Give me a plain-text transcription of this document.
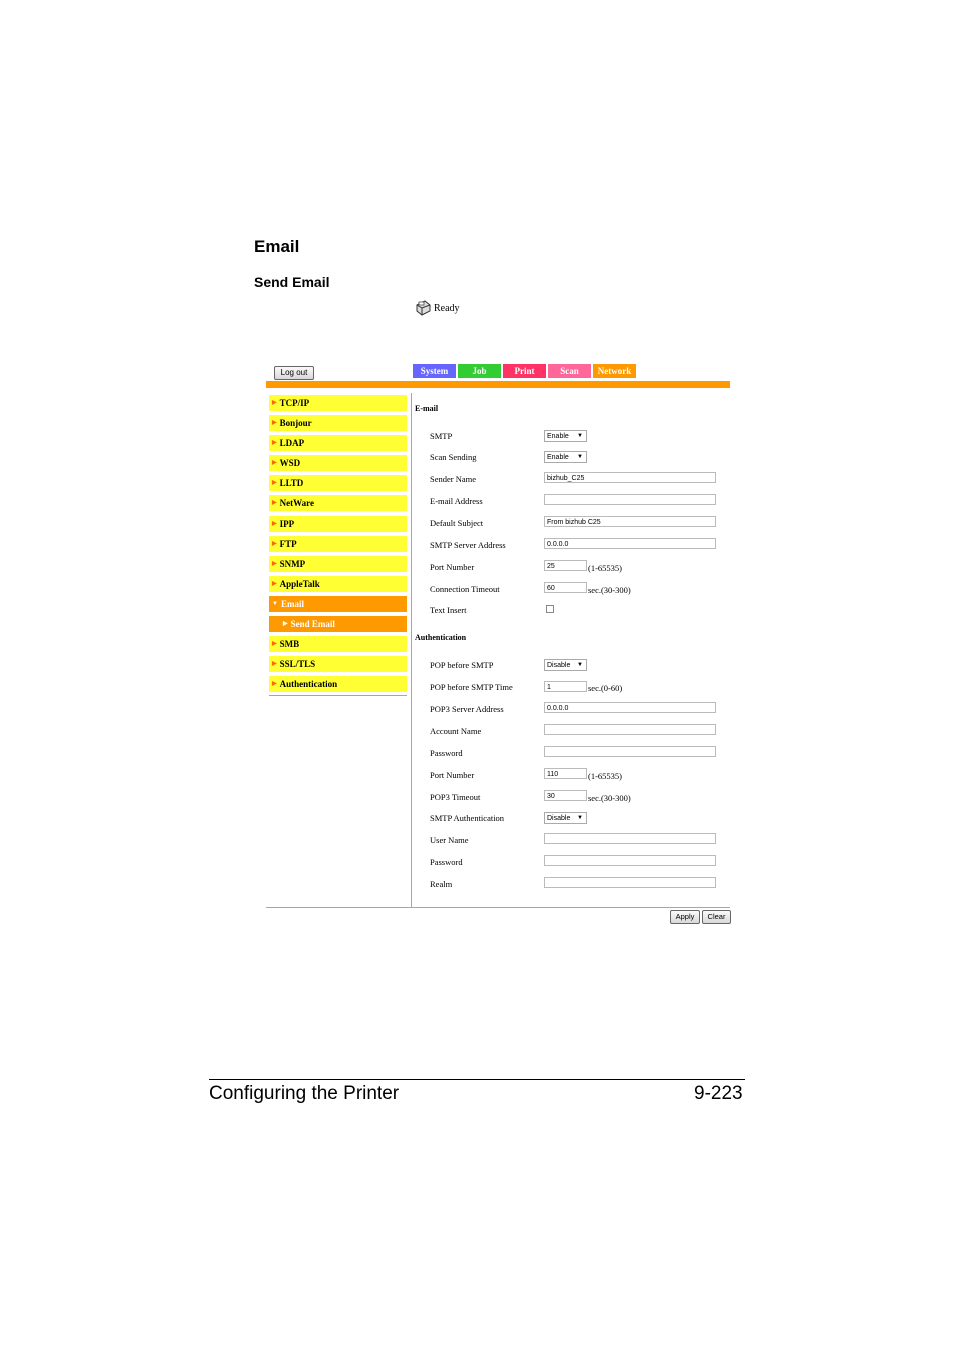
Email
Send Email
Ready
Log out	System	Job	Print	Scan	Network
▶ TCP/IP
▶ Bonjour
▶ LDAP
▶ WSD
▶ LLTD
▶ NetWare
▶ IPP
▶ FTP
▶ SNMP
▶ AppleTalk
▼ Email
▶ Send Email
▶ SMB
▶ SSL/TLS
▶ Authentication
E-mail
SMTP	Enable ▼
Scan Sending	Enable ▼
Sender Name	bizhub_C25
E-mail Address
Default Subject	From bizhub C25
SMTP Server Address	0.0.0.0
Port Number	25	(1-65535)
Connection Timeout	60	sec.(30-300)
Text Insert
Authentication
POP before SMTP	Disable ▼
POP before SMTP Time	1	sec.(0-60)
POP3 Server Address	0.0.0.0
Account Name
Password
Port Number	110	(1-65535)
POP3 Timeout	30	sec.(30-300)
SMTP Authentication	Disable ▼
User Name
Password
Realm
Apply	Clear
Configuring the Printer	9-223
